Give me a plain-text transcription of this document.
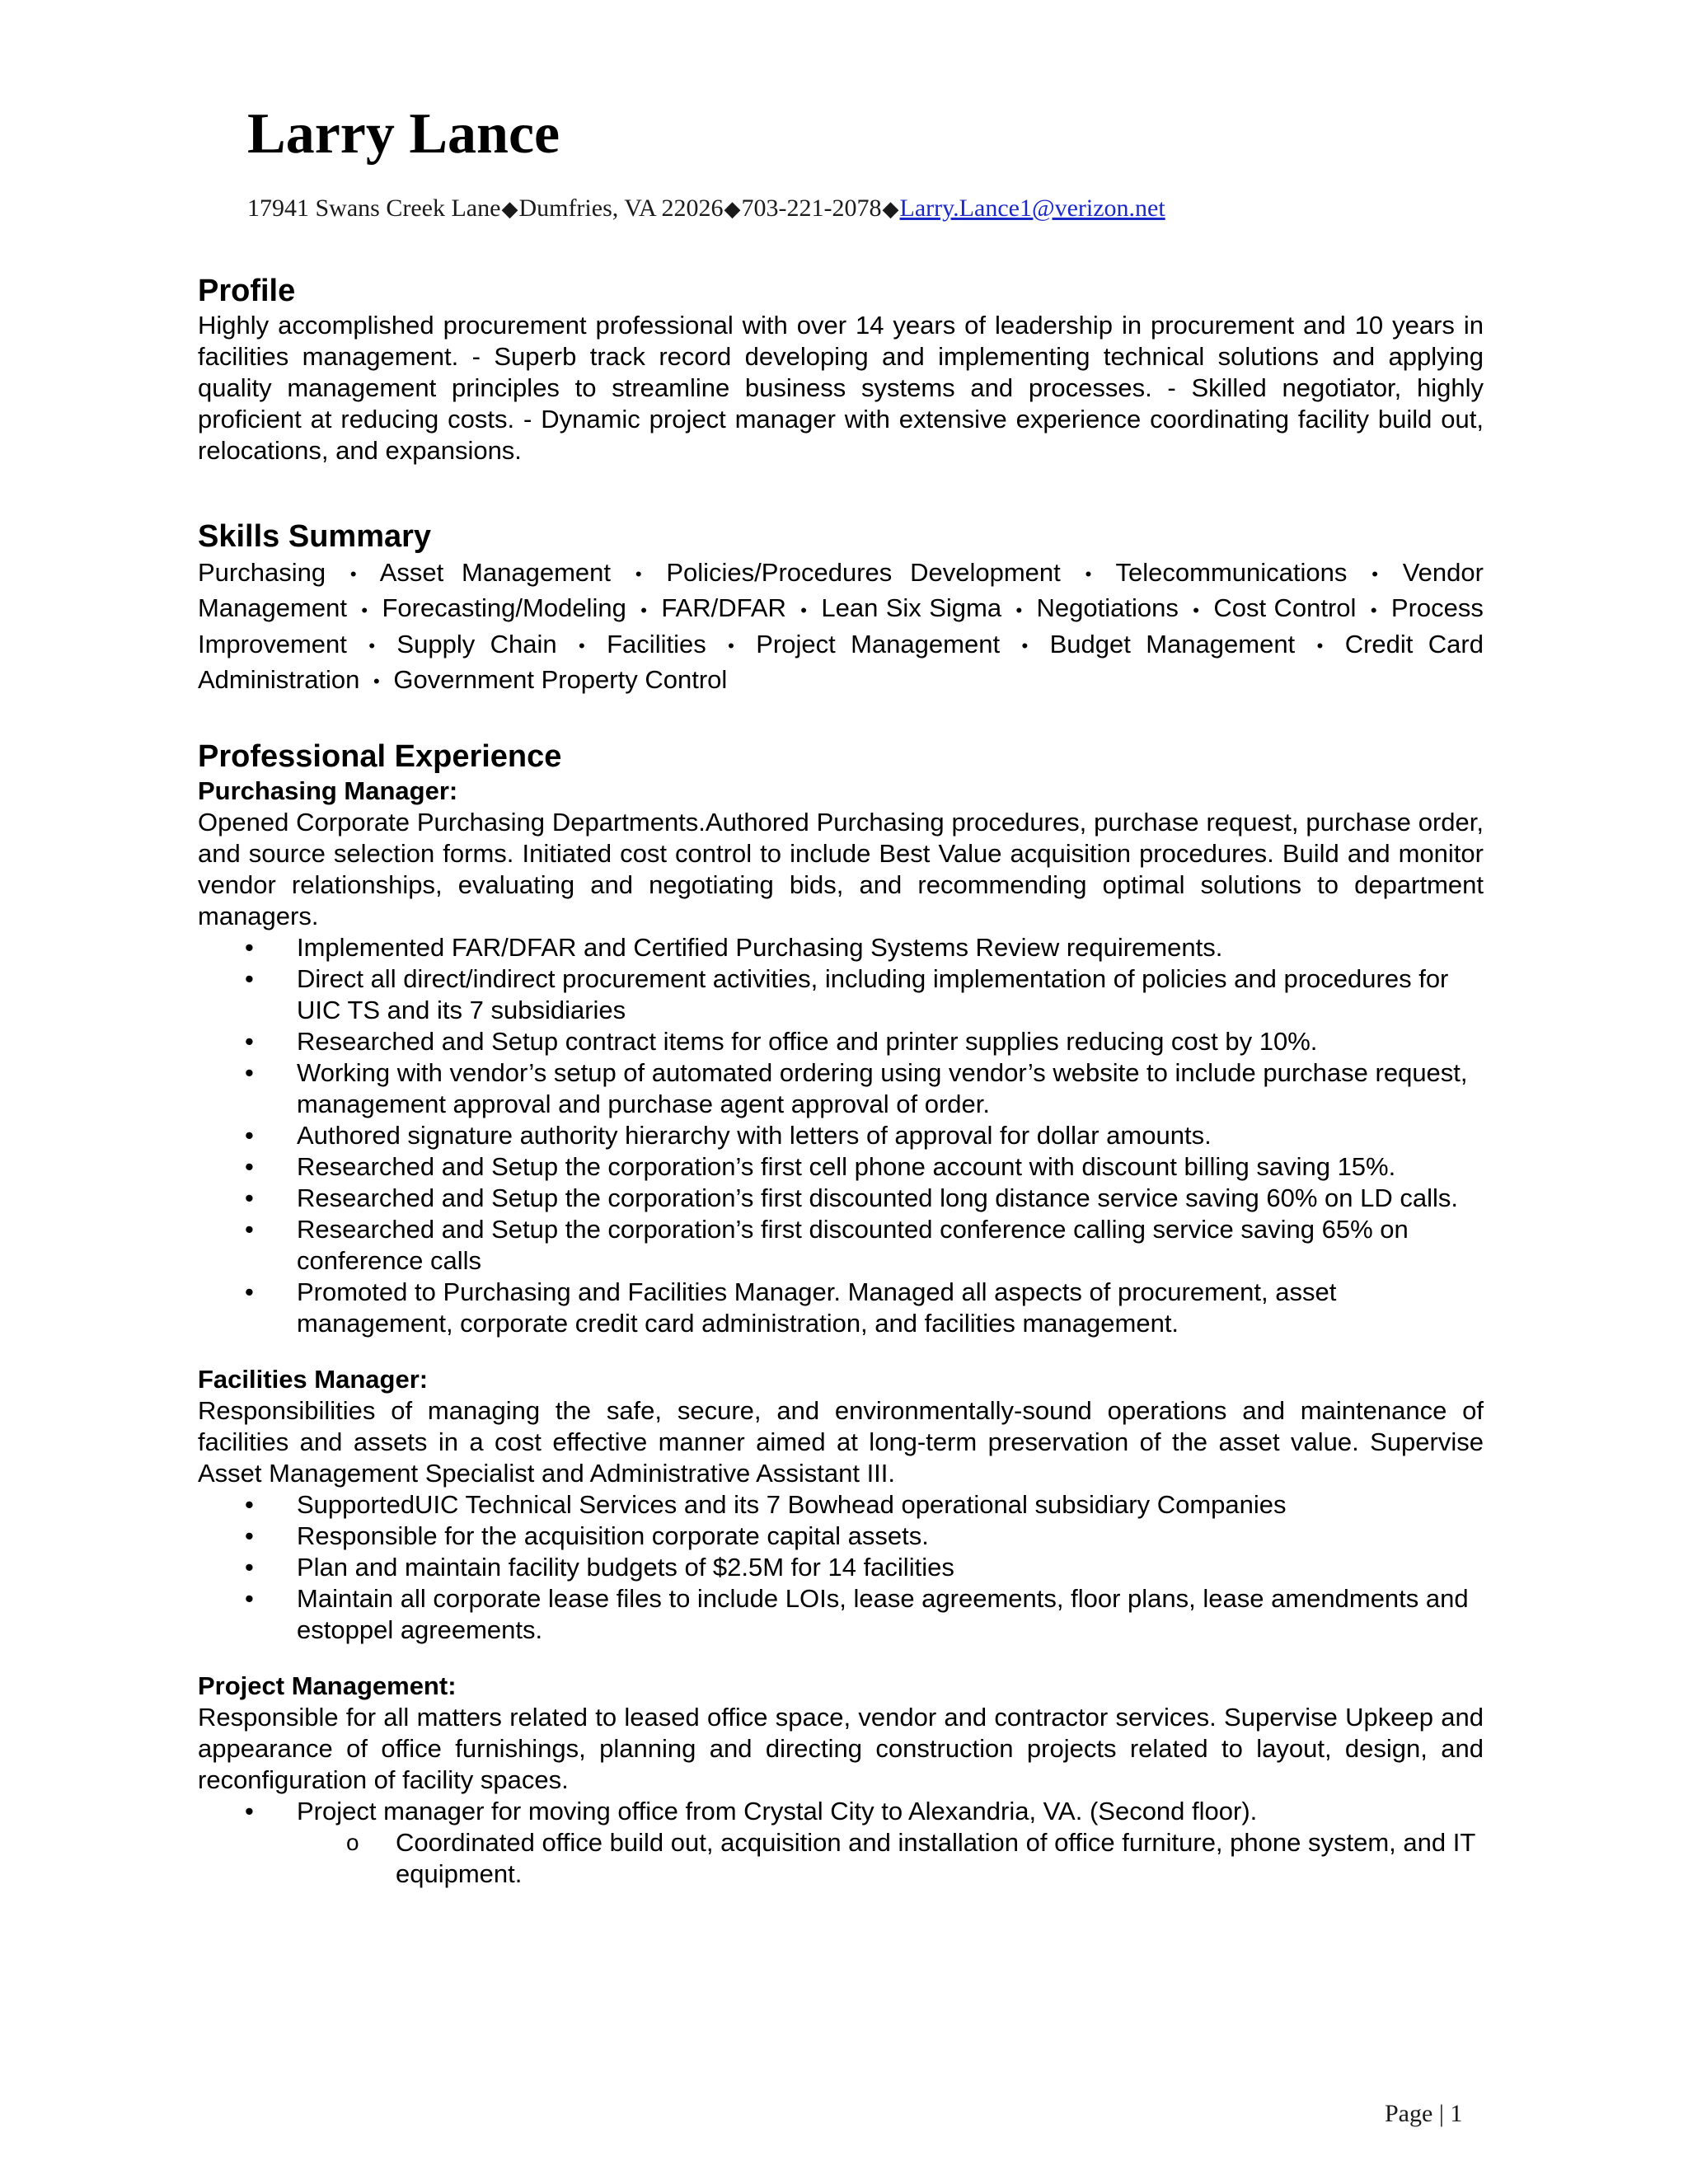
Larry Lance
17941 Swans Creek Lane◆Dumfries, VA 22026◆703-221-2078◆Larry.Lance1@verizon.net
Profile

Highly accomplished procurement professional with over 14 years of leadership in procurement and 10 years in facilities management. - Superb track record developing and implementing technical solutions and applying quality management principles to streamline business systems and processes. - Skilled negotiator, highly proficient at reducing costs. - Dynamic project manager with extensive experience coordinating facility build out, relocations, and expansions.

Skills Summary
Purchasing • Asset Management • Policies/Procedures Development • Telecommunications • Vendor Management • Forecasting/Modeling • FAR/DFAR • Lean Six Sigma • Negotiations • Cost Control • Process Improvement • Supply Chain • Facilities • Project Management • Budget Management • Credit Card Administration • Government Property Control
Professional Experience
Purchasing Manager:

Opened Corporate Purchasing Departments.Authored Purchasing procedures, purchase request, purchase order, and source selection forms. Initiated cost control to include Best Value acquisition procedures. Build and monitor vendor relationships, evaluating and negotiating bids, and recommending optimal solutions to department managers.

• Implemented FAR/DFAR and Certified Purchasing Systems Review requirements.
• Direct all direct/indirect procurement activities, including implementation of policies and procedures for UIC TS and its 7 subsidiaries
• Researched and Setup contract items for office and printer supplies reducing cost by 10%.
• Working with vendor’s setup of automated ordering using vendor’s website to include purchase request, management approval and purchase agent approval of order.
• Authored signature authority hierarchy with letters of approval for dollar amounts.
• Researched and Setup the corporation’s first cell phone account with discount billing saving 15%.
• Researched and Setup the corporation’s first discounted long distance service saving 60% on LD calls.
• Researched and Setup the corporation’s first discounted conference calling service saving 65% on conference calls
• Promoted to Purchasing and Facilities Manager. Managed all aspects of procurement, asset management, corporate credit card administration, and facilities management.
Facilities Manager:

Responsibilities of managing the safe, secure, and environmentally-sound operations and maintenance of facilities and assets in a cost effective manner aimed at long-term preservation of the asset value. Supervise Asset Management Specialist and Administrative Assistant III.

• SupportedUIC Technical Services and its 7 Bowhead operational subsidiary Companies
• Responsible for the acquisition corporate capital assets.
• Plan and maintain facility budgets of $2.5M for 14 facilities
• Maintain all corporate lease files to include LOIs, lease agreements, floor plans, lease amendments and estoppel agreements.
Project Management:

Responsible for all matters related to leased office space, vendor and contractor services. Supervise Upkeep and appearance of office furnishings, planning and directing construction projects related to layout, design, and reconfiguration of facility spaces.

• Project manager for moving office from Crystal City to Alexandria, VA. (Second floor).
o Coordinated office build out, acquisition and installation of office furniture, phone system, and IT equipment.
Page | 1
